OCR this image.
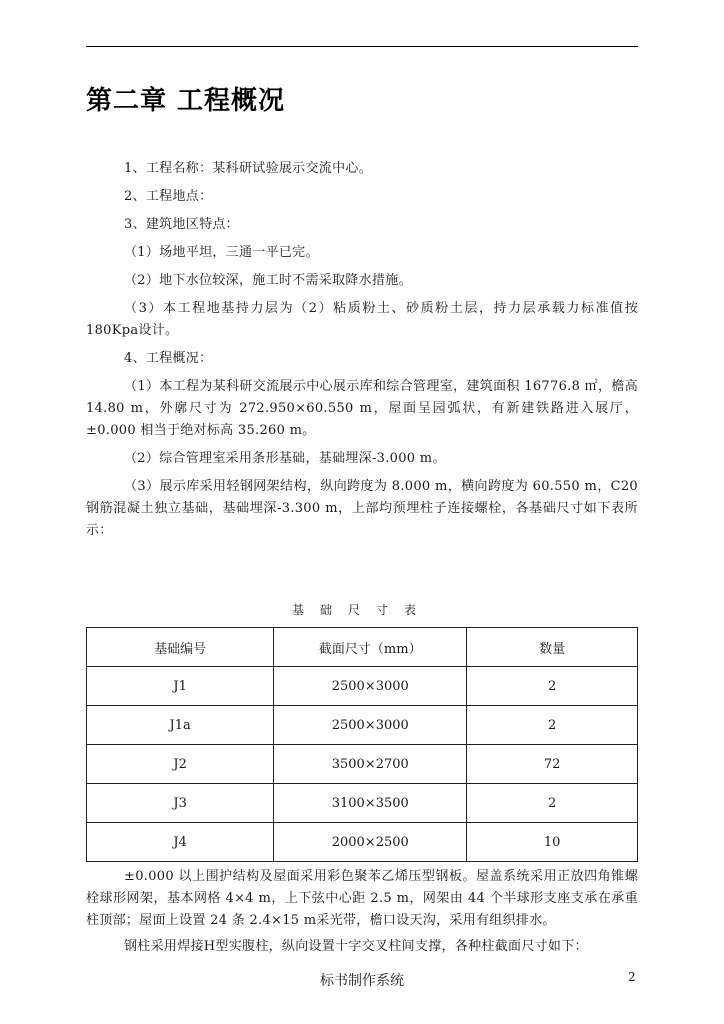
第二章 工程概况

1、工程名称：某科研试验展示交流中心。

2、工程地点：

3、建筑地区特点：

（1）场地平坦，三通一平已完。

（2）地下水位较深，施工时不需采取降水措施。

（3）本工程地基持力层为（2）粘质粉土、砂质粉土层，持力层承载力标准值按180Kpa设计。

4、工程概况：

（1）本工程为某科研交流展示中心展示库和综合管理室，建筑面积 16776.8 ㎡，檐高 14.80 m，外廓尺寸为 272.950×60.550 m，屋面呈园弧状，有新建铁路进入展厅，±0.000 相当于绝对标高 35.260 m。

（2）综合管理室采用条形基础，基础埋深-3.000 m。

（3）展示库采用轻钢网架结构，纵向跨度为 8.000 m，横向跨度为 60.550 m，C20 钢筋混凝土独立基础，基础埋深-3.300 m，上部均预埋柱子连接螺栓，各基础尺寸如下表所示：

基础尺寸表

基础编号	截面尺寸（mm）	数量
J1	2500×3000	2
J1a	2500×3000	2
J2	3500×2700	72
J3	3100×3500	2
J4	2000×2500	10

±0.000 以上围护结构及屋面采用彩色聚苯乙烯压型钢板。屋盖系统采用正放四角锥螺栓球形网架，基本网格 4×4 m，上下弦中心距 2.5 m，网架由 44 个半球形支座支承在承重柱顶部；屋面上设置 24 条 2.4×15 m采光带，檐口设天沟，采用有组织排水。

钢柱采用焊接H型实腹柱，纵向设置十字交叉柱间支撑，各种柱截面尺寸如下：

标书制作系统	2
